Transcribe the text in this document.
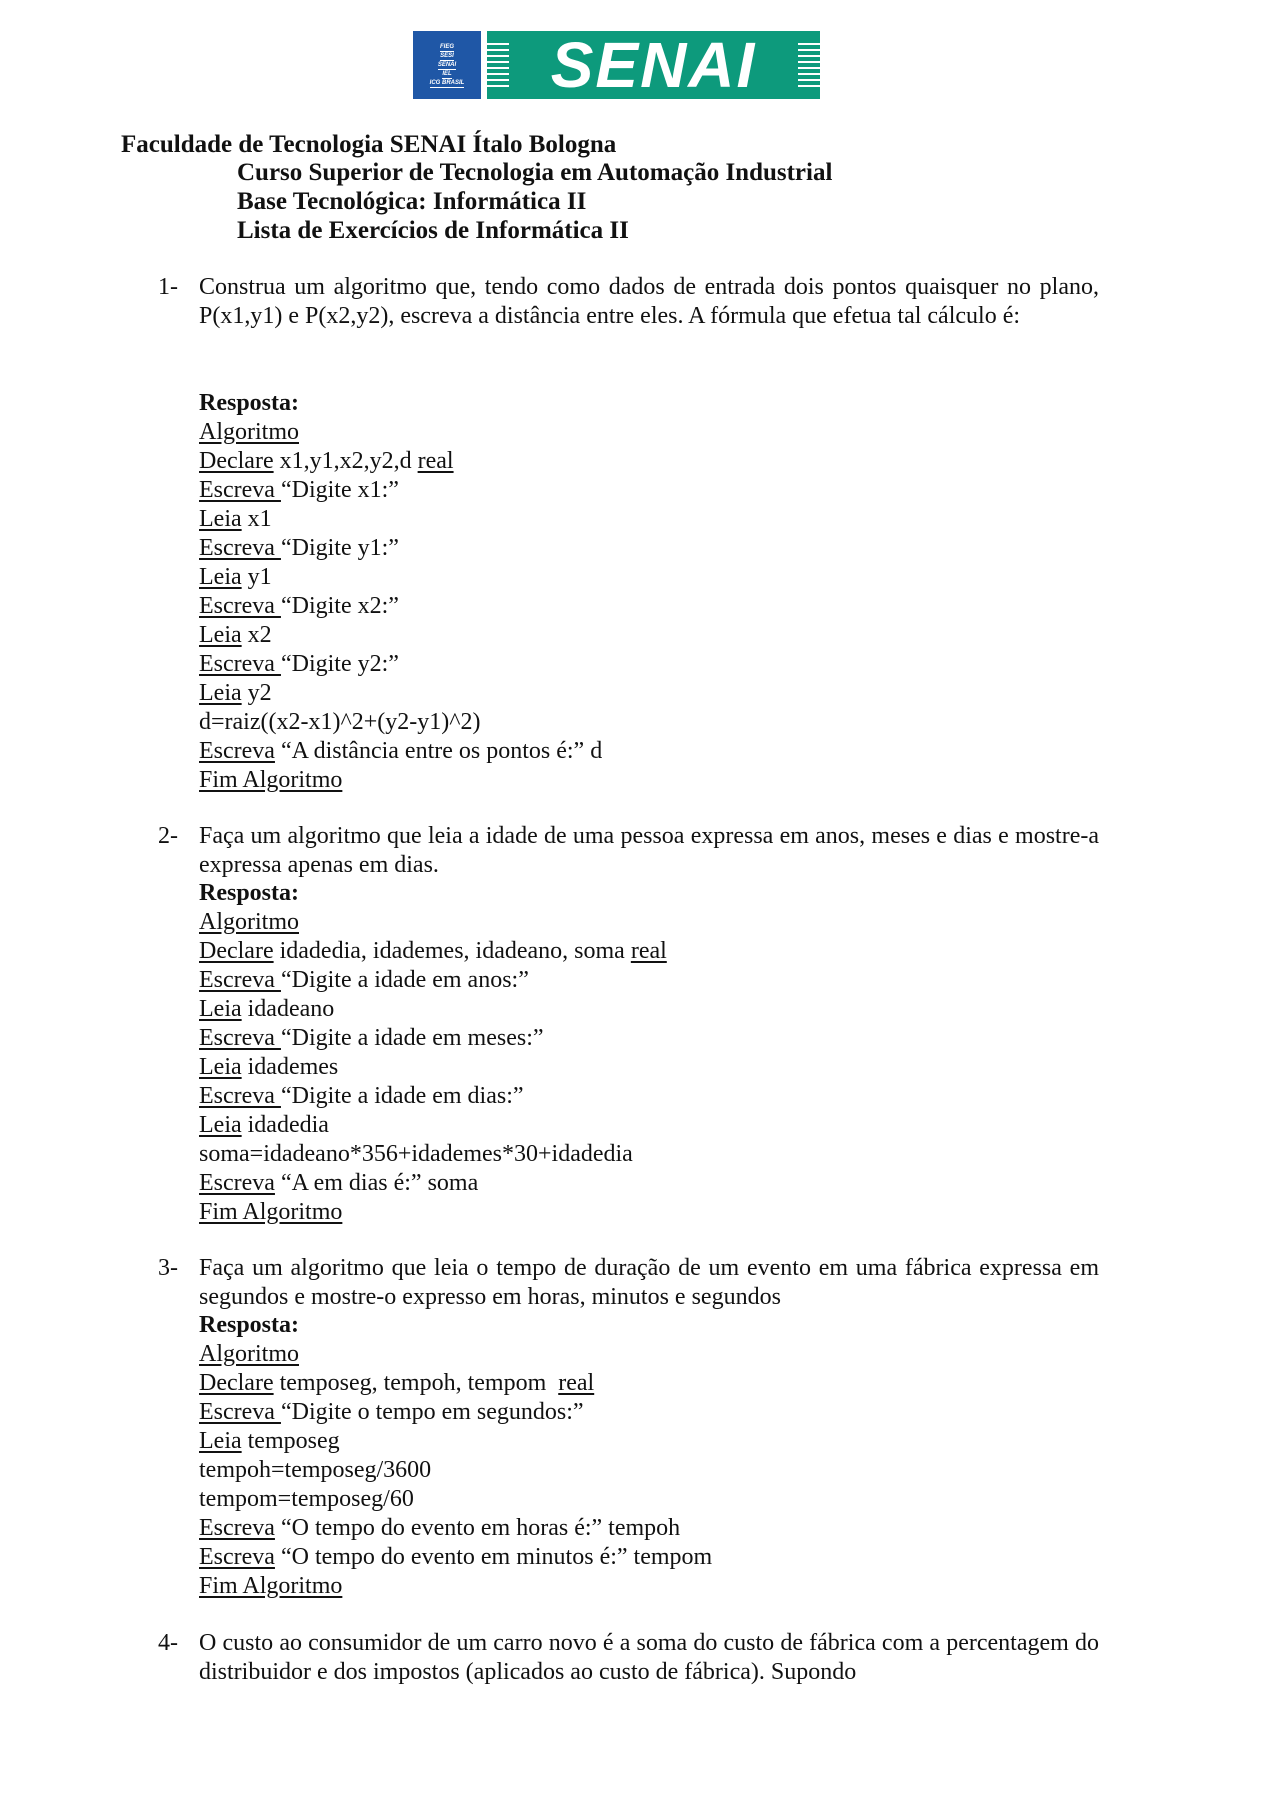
FIEG
SESI
SENAI
IEL
ICG BRASIL	SENAI
Faculdade de Tecnologia SENAI Ítalo Bologna
Curso Superior de Tecnologia em Automação Industrial
Base Tecnológica: Informática II
Lista de Exercícios de Informática II
1- Construa um algoritmo que, tendo como dados de entrada dois pontos quaisquer no plano, P(x1,y1) e P(x2,y2), escreva a distância entre eles. A fórmula que efetua tal cálculo é:
Resposta:
Algoritmo
Declare x1,y1,x2,y2,d real
Escreva “Digite x1:”
Leia x1
Escreva “Digite y1:”
Leia y1
Escreva “Digite x2:”
Leia x2
Escreva “Digite y2:”
Leia y2
d=raiz((x2-x1)^2+(y2-y1)^2)
Escreva “A distância entre os pontos é:” d
Fim Algoritmo
2- Faça um algoritmo que leia a idade de uma pessoa expressa em anos, meses e dias e mostre-a expressa apenas em dias.
Resposta:
Algoritmo
Declare idadedia, idademes, idadeano, soma real
Escreva “Digite a idade em anos:”
Leia idadeano
Escreva “Digite a idade em meses:”
Leia idademes
Escreva “Digite a idade em dias:”
Leia idadedia
soma=idadeano*356+idademes*30+idadedia
Escreva “A em dias é:” soma
Fim Algoritmo
3- Faça um algoritmo que leia o tempo de duração de um evento em uma fábrica expressa em segundos e mostre-o expresso em horas, minutos e segundos
Resposta:
Algoritmo
Declare temposeg, tempoh, tempom  real
Escreva “Digite o tempo em segundos:”
Leia temposeg
tempoh=temposeg/3600
tempom=temposeg/60
Escreva “O tempo do evento em horas é:” tempoh
Escreva “O tempo do evento em minutos é:” tempom
Fim Algoritmo
4- O custo ao consumidor de um carro novo é a soma do custo de fábrica com a percentagem do distribuidor e dos impostos (aplicados ao custo de fábrica). Supondo
